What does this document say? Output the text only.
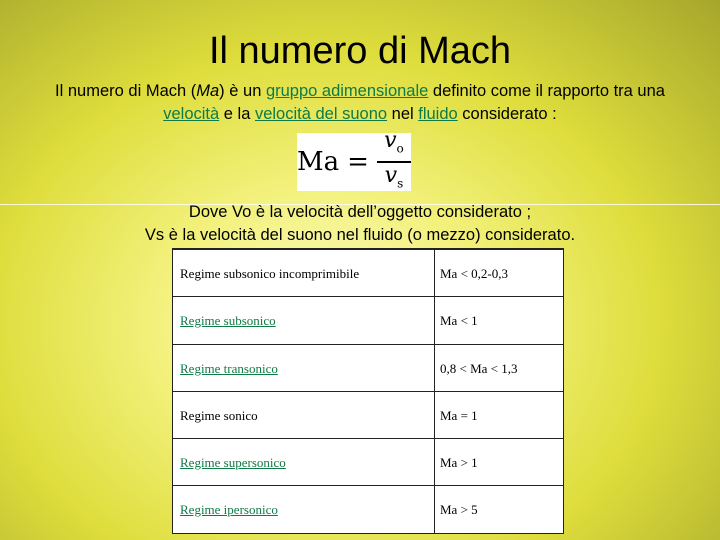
Il numero di Mach
Il numero di Mach (Ma) è un gruppo adimensionale definito come il rapporto tra una
velocità e la velocità del suono nel fluido considerato :
$Ma = \frac{v_o}{v_s}$
Dove Vo è la velocità dell’oggetto considerato ;
Vs è la velocità del suono nel fluido (o mezzo) considerato.
Regime subsonico incomprimibile	Ma < 0,2-0,3
Regime subsonico	Ma < 1
Regime transonico	0,8 < Ma < 1,3
Regime sonico	Ma = 1
Regime supersonico	Ma > 1
Regime ipersonico	Ma > 5
